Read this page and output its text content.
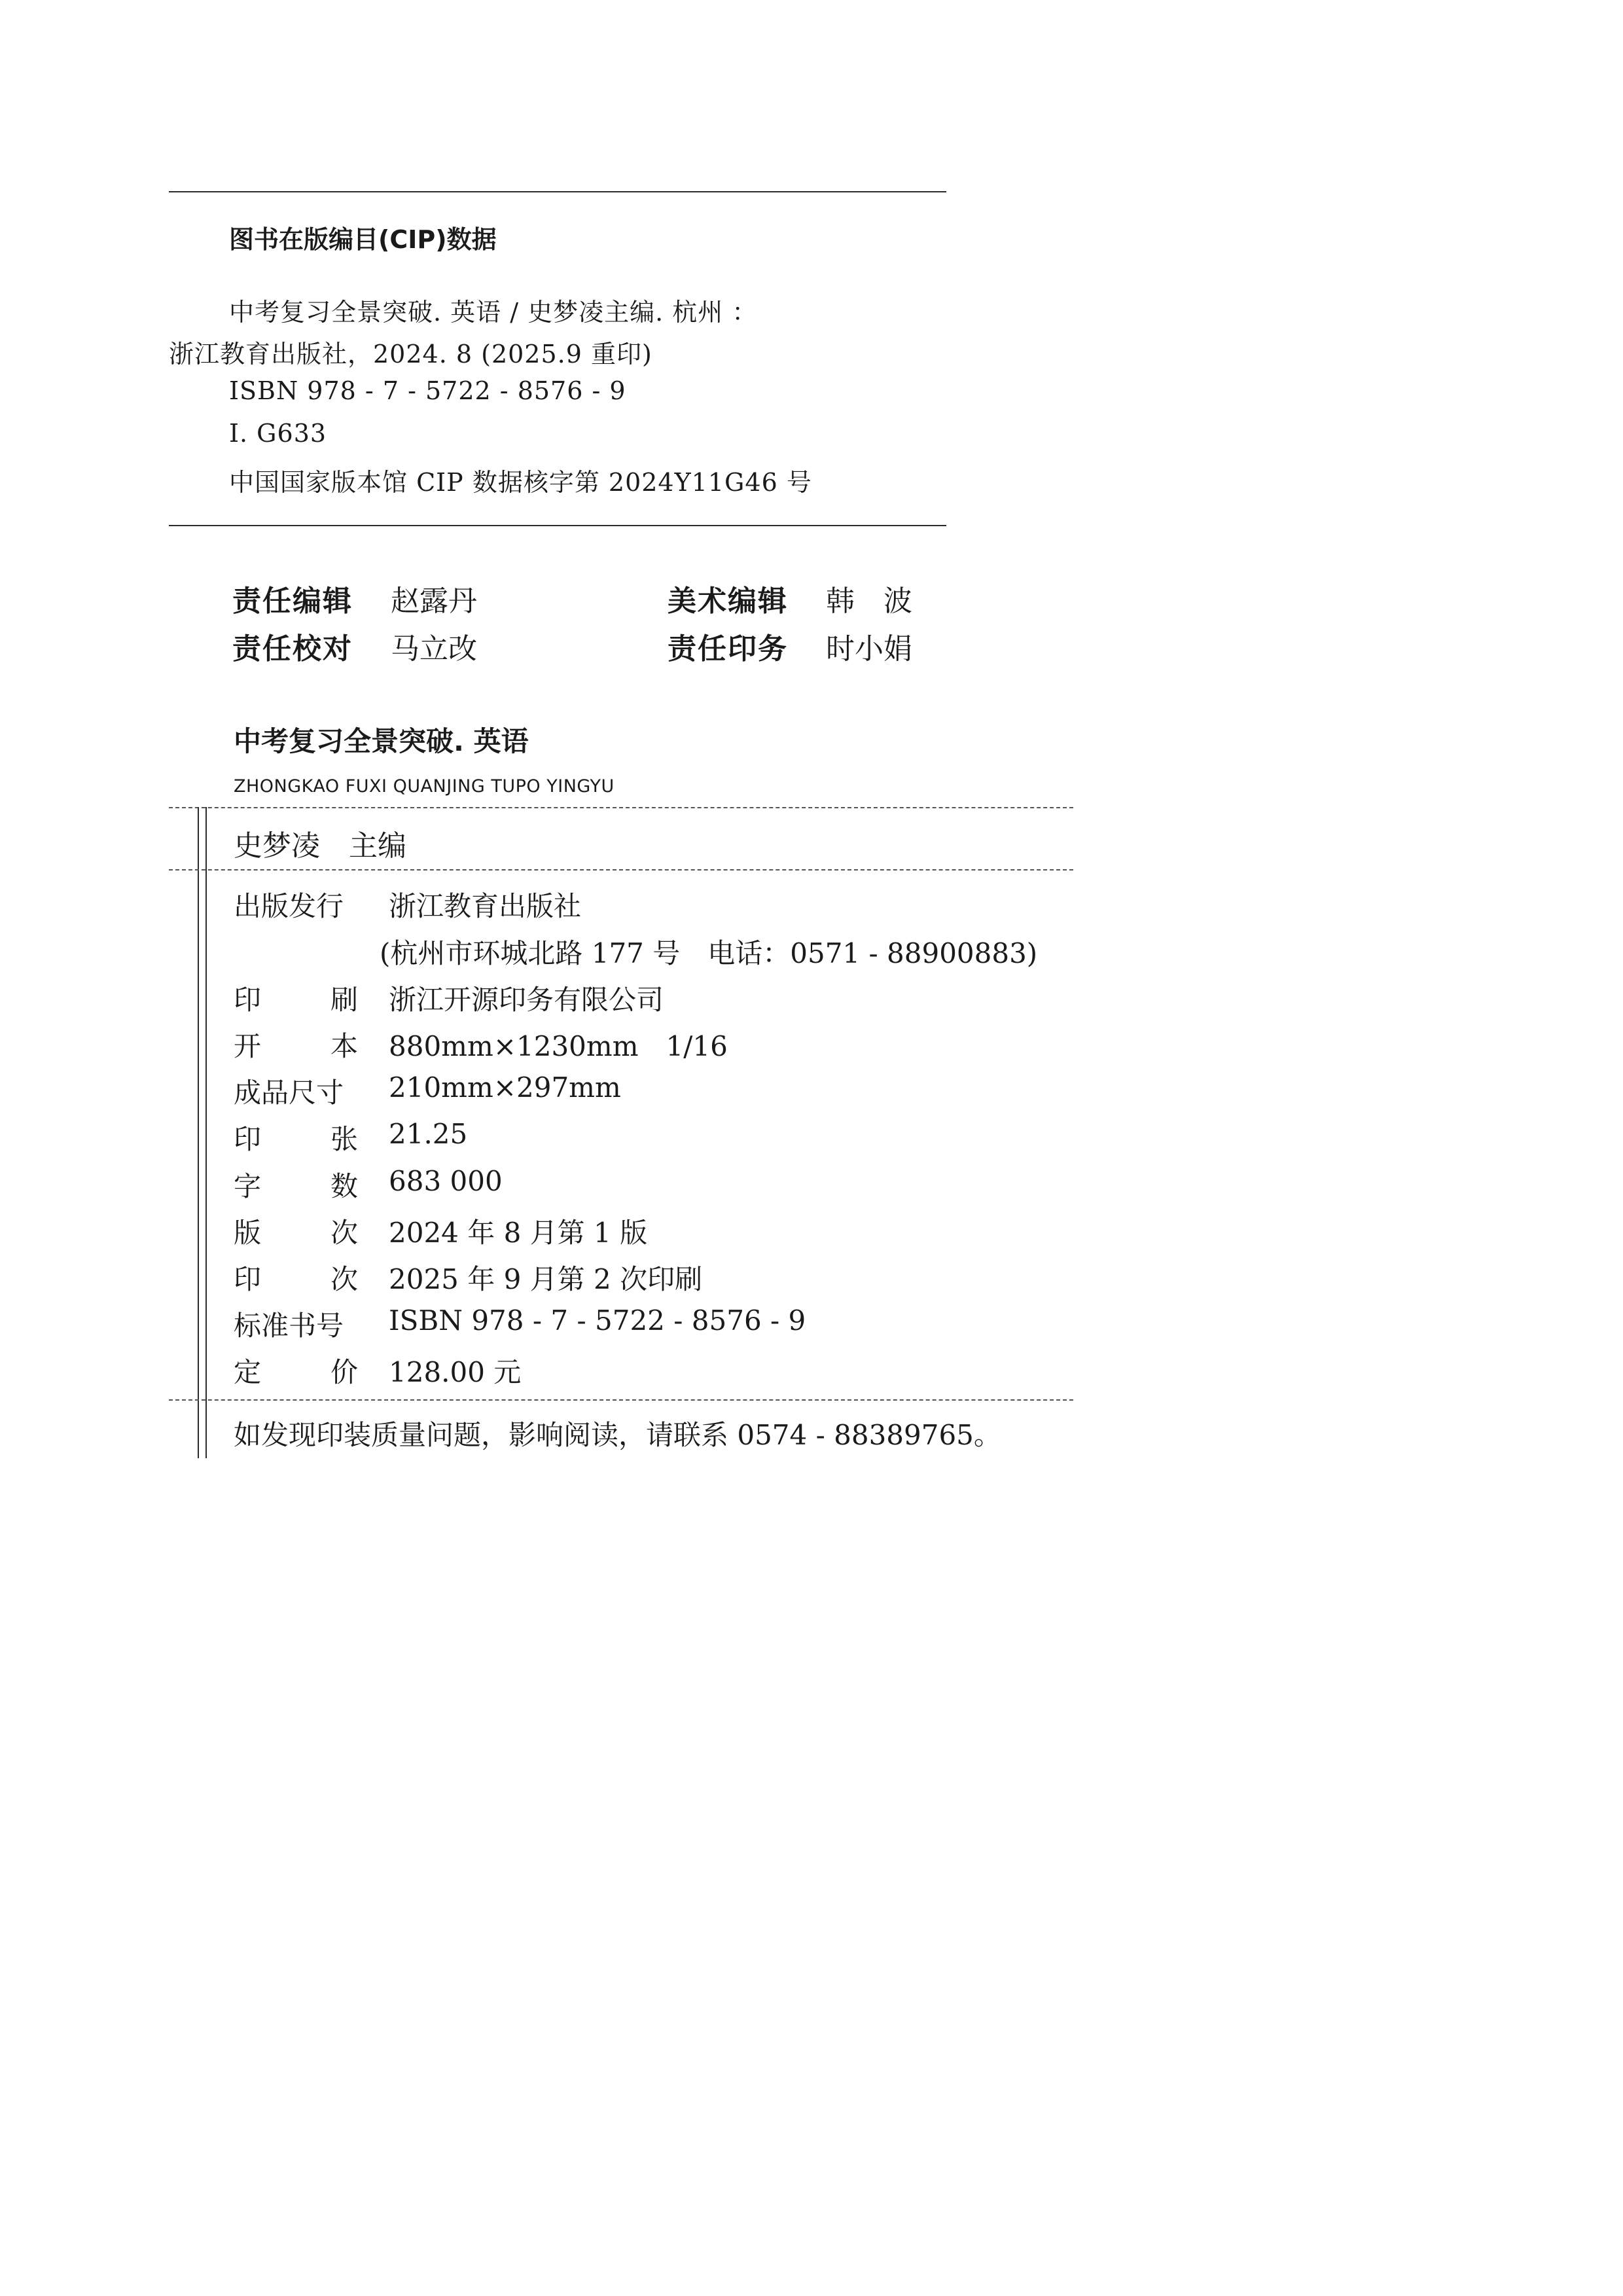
图书在版编目(CIP)数据
中考复习全景突破. 英语 / 史梦凌主编. 杭州 ：
浙江教育出版社，2024. 8 (2025.9 重印)
ISBN 978 - 7 - 5722 - 8576 - 9
Ⅰ. G633
中国国家版本馆 CIP 数据核字第 2024Y11G46 号
责任编辑 赵露丹	美术编辑 韩　波
责任校对 马立改	责任印务 时小娟
中考复习全景突破. 英语
ZHONGKAO FUXI QUANJING TUPO YINGYU
史梦凌　主编
出版发行	浙江教育出版社
(杭州市环城北路 177 号　电话：0571 - 88900883)
印	刷 浙江开源印务有限公司
开	本 880mm×1230mm　1/16
成品尺寸	210mm×297mm
印	张 21.25
字	数 683 000
版	次 2024 年 8 月第 1 版
印	次 2025 年 9 月第 2 次印刷
标准书号	ISBN 978 - 7 - 5722 - 8576 - 9
定	价 128.00 元
如发现印装质量问题，影响阅读，请联系 0574 - 88389765。
